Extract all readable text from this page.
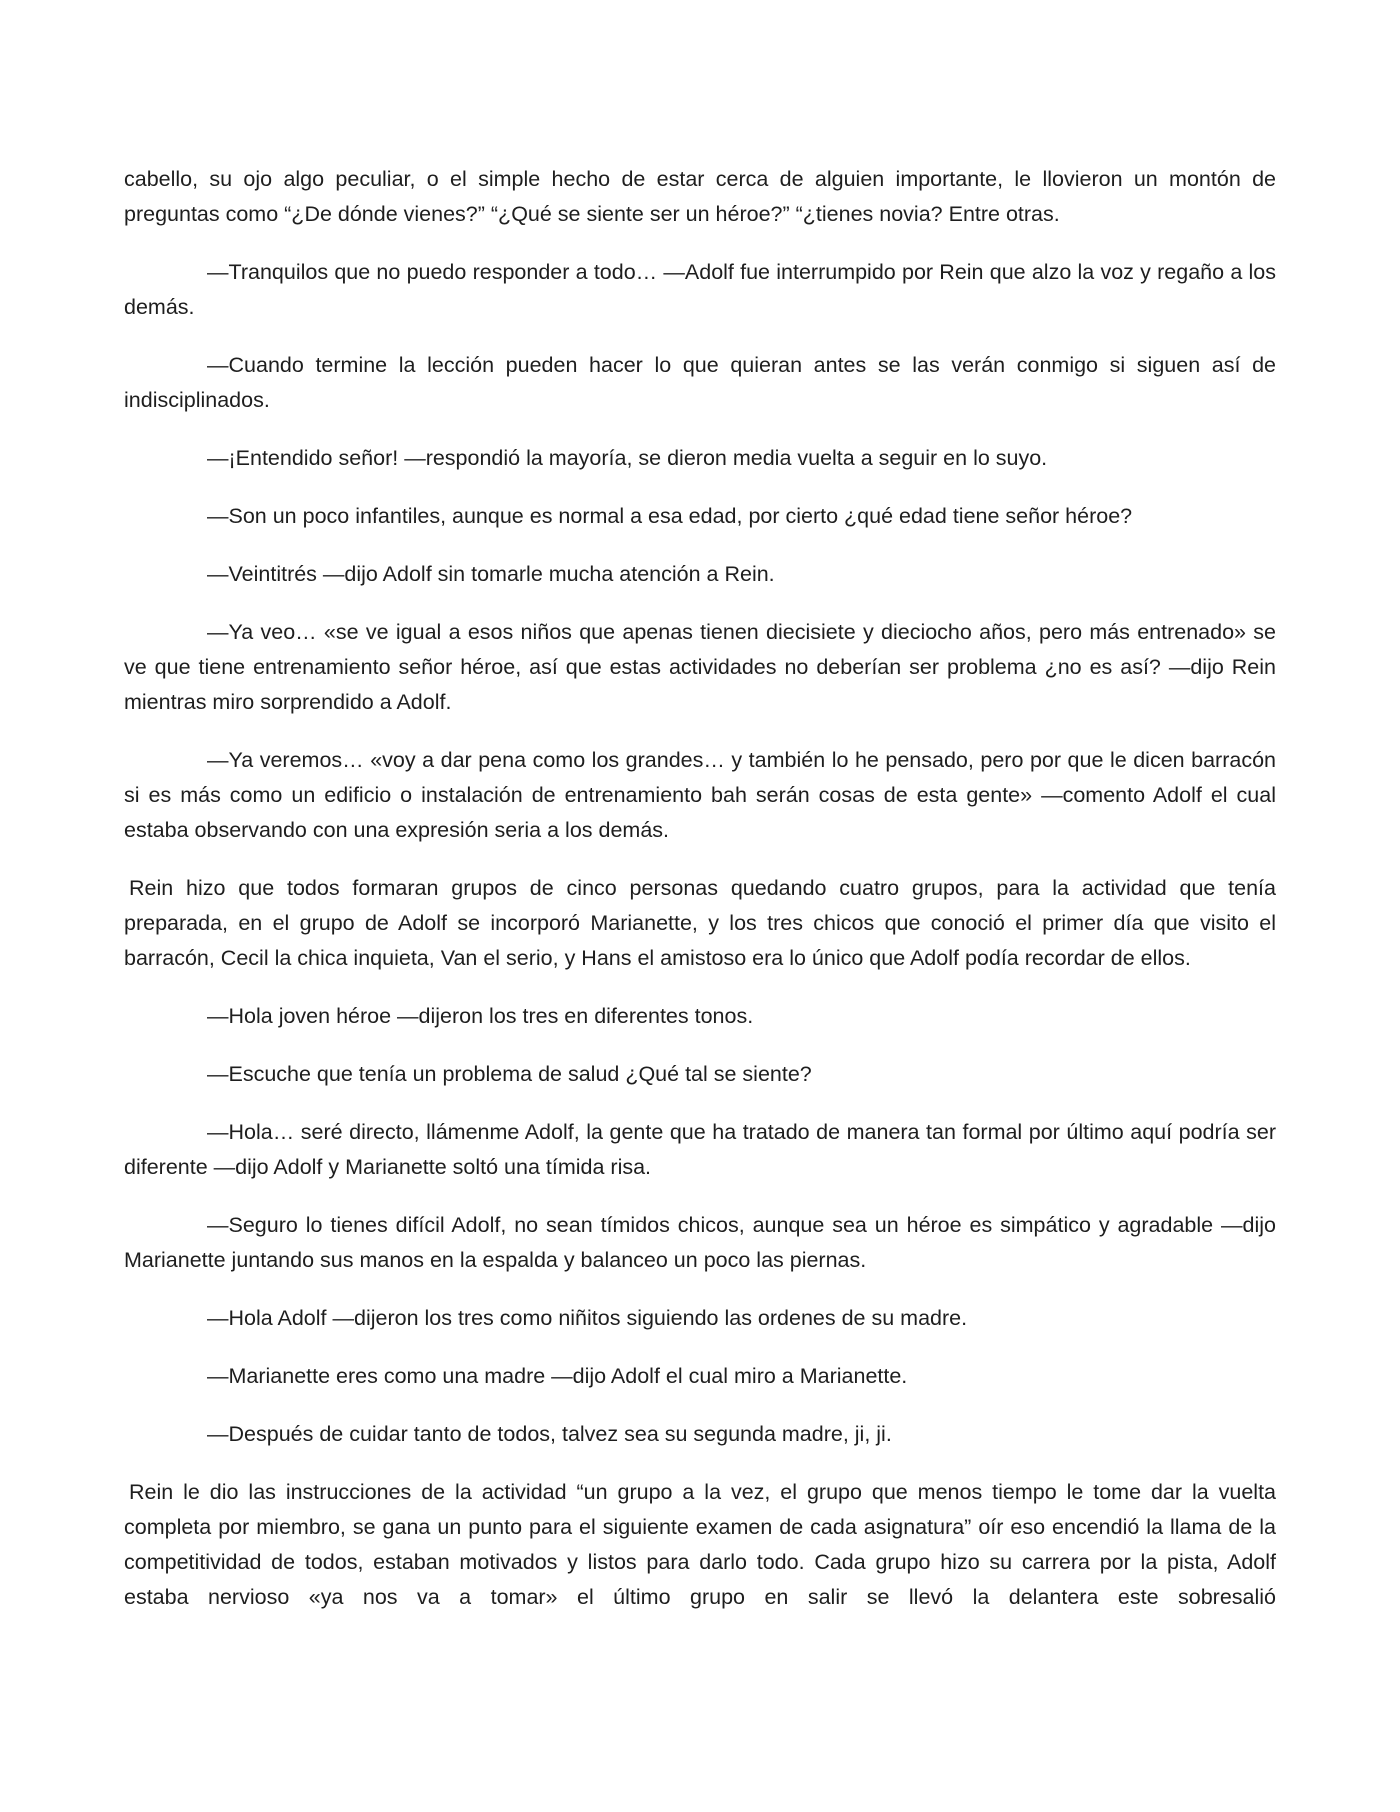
cabello, su ojo algo peculiar, o el simple hecho de estar cerca de alguien importante, le llovieron un montón de preguntas como “¿De dónde vienes?” “¿Qué se siente ser un héroe?” “¿tienes novia? Entre otras.

—Tranquilos que no puedo responder a todo… —Adolf fue interrumpido por Rein que alzo la voz y regaño a los demás.

—Cuando termine la lección pueden hacer lo que quieran antes se las verán conmigo si siguen así de indisciplinados.

—¡Entendido señor! —respondió la mayoría, se dieron media vuelta a seguir en lo suyo.

—Son un poco infantiles, aunque es normal a esa edad, por cierto ¿qué edad tiene señor héroe?

—Veintitrés —dijo Adolf sin tomarle mucha atención a Rein.

—Ya veo… «se ve igual a esos niños que apenas tienen diecisiete y dieciocho años, pero más entrenado» se ve que tiene entrenamiento señor héroe, así que estas actividades no deberían ser problema ¿no es así? —dijo Rein mientras miro sorprendido a Adolf.

—Ya veremos… «voy a dar pena como los grandes… y también lo he pensado, pero por que le dicen barracón si es más como un edificio o instalación de entrenamiento bah serán cosas de esta gente» —comento Adolf el cual estaba observando con una expresión seria a los demás.

Rein hizo que todos formaran grupos de cinco personas quedando cuatro grupos, para la actividad que tenía preparada, en el grupo de Adolf se incorporó Marianette, y los tres chicos que conoció el primer día que visito el barracón, Cecil la chica inquieta, Van el serio, y Hans el amistoso era lo único que Adolf podía recordar de ellos.

—Hola joven héroe —dijeron los tres en diferentes tonos.

—Escuche que tenía un problema de salud ¿Qué tal se siente?

—Hola… seré directo, llámenme Adolf, la gente que ha tratado de manera tan formal por último aquí podría ser diferente —dijo Adolf y Marianette soltó una tímida risa.

—Seguro lo tienes difícil Adolf, no sean tímidos chicos, aunque sea un héroe es simpático y agradable —dijo Marianette juntando sus manos en la espalda y balanceo un poco las piernas.

—Hola Adolf —dijeron los tres como niñitos siguiendo las ordenes de su madre.

—Marianette eres como una madre —dijo Adolf el cual miro a Marianette.

—Después de cuidar tanto de todos, talvez sea su segunda madre, ji, ji.

Rein le dio las instrucciones de la actividad “un grupo a la vez, el grupo que menos tiempo le tome dar la vuelta completa por miembro, se gana un punto para el siguiente examen de cada asignatura” oír eso encendió la llama de la competitividad de todos, estaban motivados y listos para darlo todo. Cada grupo hizo su carrera por la pista, Adolf estaba nervioso «ya nos va a tomar» el último grupo en salir se llevó la delantera este sobresalió
